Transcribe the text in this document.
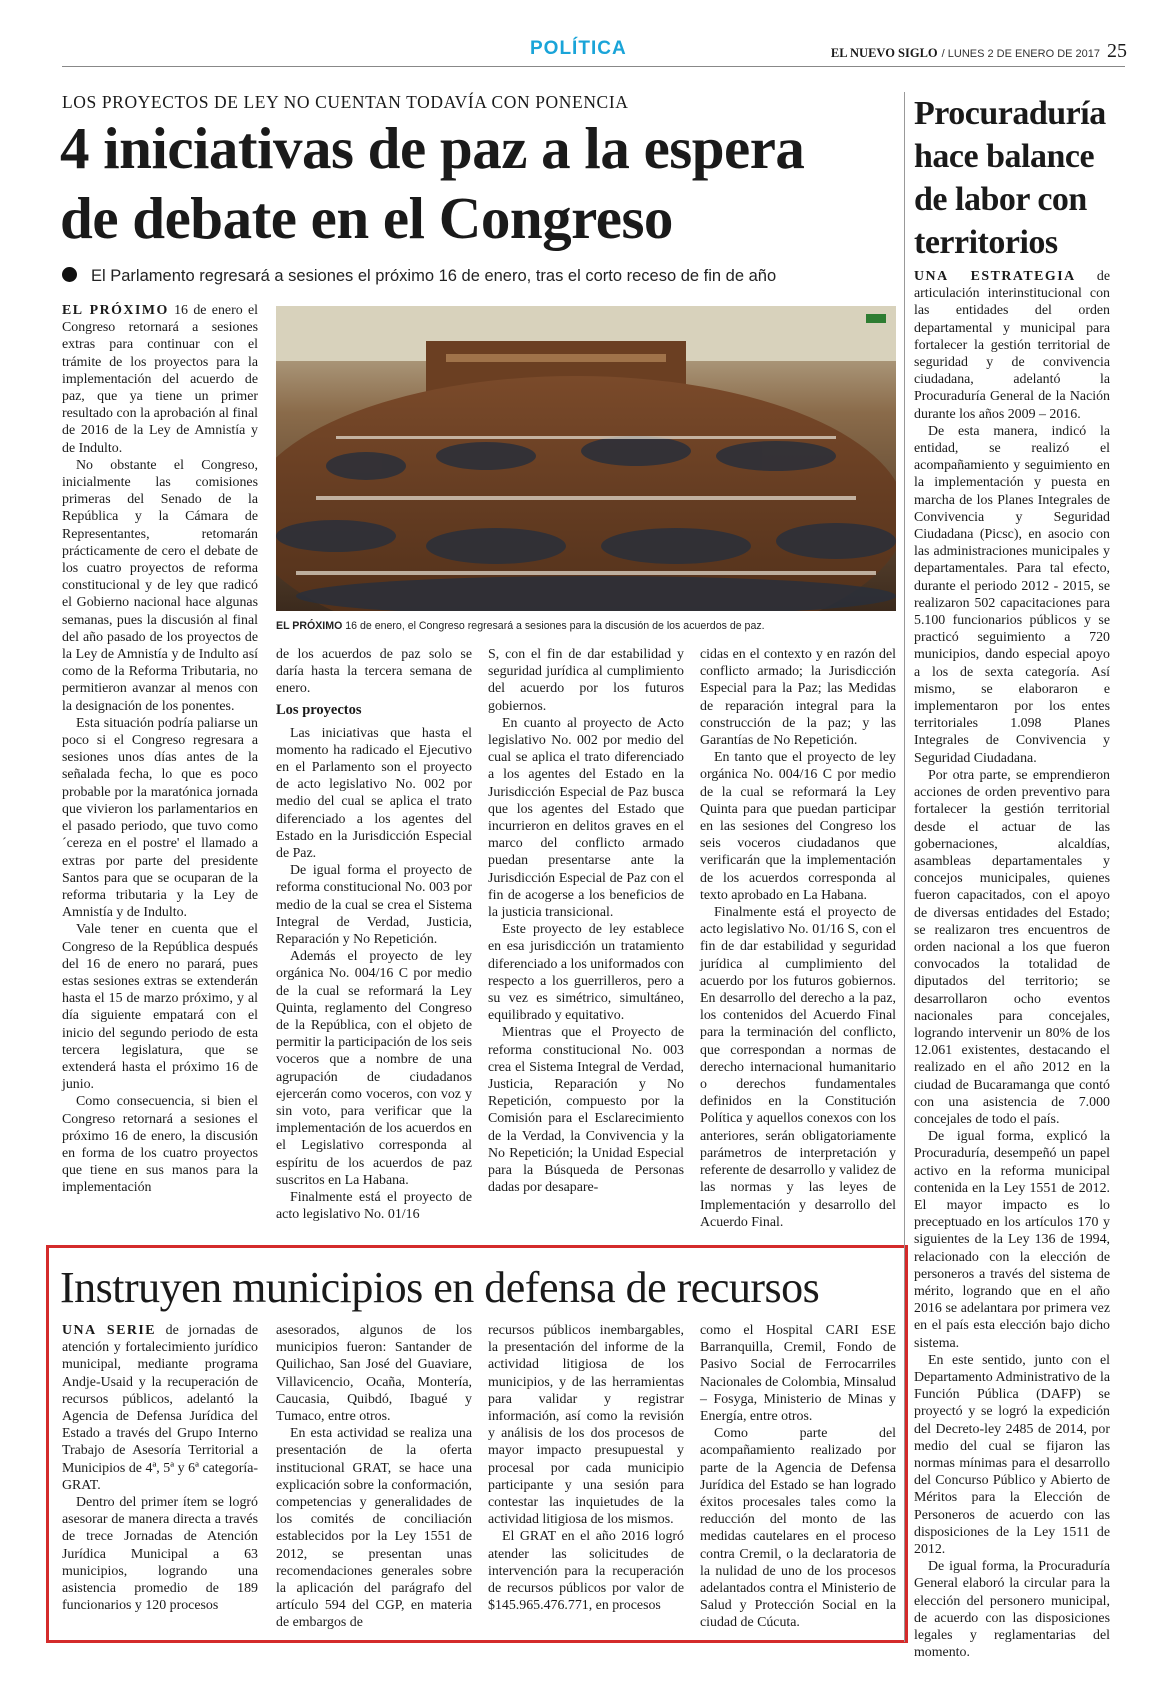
POLÍTICA	EL NUEVO SIGLO / LUNES 2 DE ENERO DE 2017 25
LOS PROYECTOS DE LEY NO CUENTAN TODAVÍA CON PONENCIA
4 iniciativas de paz a la espera
de debate en el Congreso
El Parlamento regresará a sesiones el próximo 16 de enero, tras el corto receso de fin de año

EL PRÓXIMO 16 de enero el Congreso retornará a sesiones extras para continuar con el trámite de los proyectos para la implementación del acuerdo de paz, que ya tiene un primer resultado con la aprobación al final de 2016 de la Ley de Amnistía y de Indulto.

No obstante el Congreso, inicialmente las comisiones primeras del Senado de la República y la Cámara de Representantes, retomarán prácticamente de cero el debate de los cuatro proyectos de reforma constitucional y de ley que radicó el Gobierno nacional hace algunas semanas, pues la discusión al final del año pasado de los proyectos de la Ley de Amnistía y de Indulto así como de la Reforma Tributaria, no permitieron avanzar al menos con la designación de los ponentes.

Esta situación podría paliarse un poco si el Congreso regresara a sesiones unos días antes de la señalada fecha, lo que es poco probable por la maratónica jornada que vivieron los parlamentarios en el pasado periodo, que tuvo como ´cereza en el postre' el llamado a extras por parte del presidente Santos para que se ocuparan de la reforma tributaria y la Ley de Amnistía y de Indulto.

Vale tener en cuenta que el Congreso de la República después del 16 de enero no parará, pues estas sesiones extras se extenderán hasta el 15 de marzo próximo, y al día siguiente empatará con el inicio del segundo periodo de esta tercera legislatura, que se extenderá hasta el próximo 16 de junio.

Como consecuencia, si bien el Congreso retornará a sesiones el próximo 16 de enero, la discusión en forma de los cuatro proyectos que tiene en sus manos para la implementación

EL PRÓXIMO 16 de enero, el Congreso regresará a sesiones para la discusión de los acuerdos de paz.

de los acuerdos de paz solo se daría hasta la tercera semana de enero.

Los proyectos

Las iniciativas que hasta el momento ha radicado el Ejecutivo en el Parlamento son el proyecto de acto legislativo No. 002 por medio del cual se aplica el trato diferenciado a los agentes del Estado en la Jurisdicción Especial de Paz.

De igual forma el proyecto de reforma constitucional No. 003 por medio de la cual se crea el Sistema Integral de Verdad, Justicia, Reparación y No Repetición.

Además el proyecto de ley orgánica No. 004/16 C por medio de la cual se reformará la Ley Quinta, reglamento del Congreso de la República, con el objeto de permitir la participación de los seis voceros que a nombre de una agrupación de ciudadanos ejercerán como voceros, con voz y sin voto, para verificar que la implementación de los acuerdos en el Legislativo corresponda al espíritu de los acuerdos de paz suscritos en La Habana.

Finalmente está el proyecto de acto legislativo No. 01/16

S, con el fin de dar estabilidad y seguridad jurídica al cumplimiento del acuerdo por los futuros gobiernos.

En cuanto al proyecto de Acto legislativo No. 002 por medio del cual se aplica el trato diferenciado a los agentes del Estado en la Jurisdicción Especial de Paz busca que los agentes del Estado que incurrieron en delitos graves en el marco del conflicto armado puedan presentarse ante la Jurisdicción Especial de Paz con el fin de acogerse a los beneficios de la justicia transicional.

Este proyecto de ley establece en esa jurisdicción un tratamiento diferenciado a los uniformados con respecto a los guerrilleros, pero a su vez es simétrico, simultáneo, equilibrado y equitativo.

Mientras que el Proyecto de reforma constitucional No. 003 crea el Sistema Integral de Verdad, Justicia, Reparación y No Repetición, compuesto por la Comisión para el Esclarecimiento de la Verdad, la Convivencia y la No Repetición; la Unidad Especial para la Búsqueda de Personas dadas por desapare-

cidas en el contexto y en razón del conflicto armado; la Jurisdicción Especial para la Paz; las Medidas de reparación integral para la construcción de la paz; y las Garantías de No Repetición.

En tanto que el proyecto de ley orgánica No. 004/16 C por medio de la cual se reformará la Ley Quinta para que puedan participar en las sesiones del Congreso los seis voceros ciudadanos que verificarán que la implementación de los acuerdos corresponda al texto aprobado en La Habana.

Finalmente está el proyecto de acto legislativo No. 01/16 S, con el fin de dar estabilidad y seguridad jurídica al cumplimiento del acuerdo por los futuros gobiernos. En desarrollo del derecho a la paz, los contenidos del Acuerdo Final para la terminación del conflicto, que correspondan a normas de derecho internacional humanitario o derechos fundamentales definidos en la Constitución Política y aquellos conexos con los anteriores, serán obligatoriamente parámetros de interpretación y referente de desarrollo y validez de las normas y las leyes de Implementación y desarrollo del Acuerdo Final.

Instruyen municipios en defensa de recursos

UNA SERIE de jornadas de atención y fortalecimiento jurídico municipal, mediante programa Andje-Usaid y la recuperación de recursos públicos, adelantó la Agencia de Defensa Jurídica del Estado a través del Grupo Interno Trabajo de Asesoría Territorial a Municipios de 4ª, 5ª y 6ª categoría- GRAT.

Dentro del primer ítem se logró asesorar de manera directa a través de trece Jornadas de Atención Jurídica Municipal a 63 municipios, logrando una asistencia promedio de 189 funcionarios y 120 procesos

asesorados, algunos de los municipios fueron: Santander de Quilichao, San José del Guaviare, Villavicencio, Ocaña, Montería, Caucasia, Quibdó, Ibagué y Tumaco, entre otros.

En esta actividad se realiza una presentación de la oferta institucional GRAT, se hace una explicación sobre la conformación, competencias y generalidades de los comités de conciliación establecidos por la Ley 1551 de 2012, se presentan unas recomendaciones generales sobre la aplicación del parágrafo del artículo 594 del CGP, en materia de embargos de

recursos públicos inembargables, la presentación del informe de la actividad litigiosa de los municipios, y de las herramientas para validar y registrar información, así como la revisión y análisis de los dos procesos de mayor impacto presupuestal y procesal por cada municipio participante y una sesión para contestar las inquietudes de la actividad litigiosa de los mismos.

El GRAT en el año 2016 logró atender las solicitudes de intervención para la recuperación de recursos públicos por valor de $145.965.476.771, en procesos

como el Hospital CARI ESE Barranquilla, Cremil, Fondo de Pasivo Social de Ferrocarriles Nacionales de Colombia, Minsalud – Fosyga, Ministerio de Minas y Energía, entre otros.

Como parte del acompañamiento realizado por parte de la Agencia de Defensa Jurídica del Estado se han logrado éxitos procesales tales como la reducción del monto de las medidas cautelares en el proceso contra Cremil, o la declaratoria de la nulidad de uno de los procesos adelantados contra el Ministerio de Salud y Protección Social en la ciudad de Cúcuta.

Procuraduría hace balance de labor con territorios

UNA ESTRATEGIA de articulación interinstitucional con las entidades del orden departamental y municipal para fortalecer la gestión territorial de seguridad y de convivencia ciudadana, adelantó la Procuraduría General de la Nación durante los años 2009 – 2016.

De esta manera, indicó la entidad, se realizó el acompañamiento y seguimiento en la implementación y puesta en marcha de los Planes Integrales de Convivencia y Seguridad Ciudadana (Picsc), en asocio con las administraciones municipales y departamentales. Para tal efecto, durante el periodo 2012 - 2015, se realizaron 502 capacitaciones para 5.100 funcionarios públicos y se practicó seguimiento a 720 municipios, dando especial apoyo a los de sexta categoría. Así mismo, se elaboraron e implementaron por los entes territoriales 1.098 Planes Integrales de Convivencia y Seguridad Ciudadana.

Por otra parte, se emprendieron acciones de orden preventivo para fortalecer la gestión territorial desde el actuar de las gobernaciones, alcaldías, asambleas departamentales y concejos municipales, quienes fueron capacitados, con el apoyo de diversas entidades del Estado; se realizaron tres encuentros de orden nacional a los que fueron convocados la totalidad de diputados del territorio; se desarrollaron ocho eventos nacionales para concejales, logrando intervenir un 80% de los 12.061 existentes, destacando el realizado en el año 2012 en la ciudad de Bucaramanga que contó con una asistencia de 7.000 concejales de todo el país.

De igual forma, explicó la Procuraduría, desempeñó un papel activo en la reforma municipal contenida en la Ley 1551 de 2012. El mayor impacto es lo preceptuado en los artículos 170 y siguientes de la Ley 136 de 1994, relacionado con la elección de personeros a través del sistema de mérito, logrando que en el año 2016 se adelantara por primera vez en el país esta elección bajo dicho sistema.

En este sentido, junto con el Departamento Administrativo de la Función Pública (DAFP) se proyectó y se logró la expedición del Decreto-ley 2485 de 2014, por medio del cual se fijaron las normas mínimas para el desarrollo del Concurso Público y Abierto de Méritos para la Elección de Personeros de acuerdo con las disposiciones de la Ley 1511 de 2012.

De igual forma, la Procuraduría General elaboró la circular para la elección del personero municipal, de acuerdo con las disposiciones legales y reglamentarias del momento.
